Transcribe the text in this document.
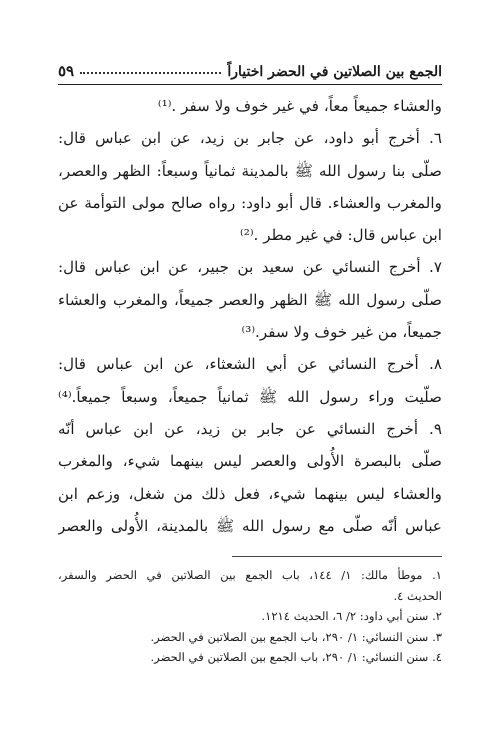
الجمع بين الصلاتين في الحضر اختياراً
٥٩
والعشاء جميعاً معاً، في غير خوف ولا سفر .⁽¹⁾
٦. أخرج أبو داود، عن جابر بن زيد، عن ابن عباس قال:
صلّى بنا رسول الله ﷺ بالمدينة ثمانياً وسبعاً: الظهر والعصر،
والمغرب والعشاء. قال أبو داود: رواه صالح مولى التوأمة عن
ابن عباس قال: في غير مطر .⁽²⁾
٧. أخرج النسائي عن سعيد بن جبير، عن ابن عباس قال:
صلّى رسول الله ﷺ الظهر والعصر جميعاً، والمغرب والعشاء
جميعاً، من غير خوف ولا سفر.⁽³⁾
٨. أخرج النسائي عن أبي الشعثاء، عن ابن عباس قال:
صلّيت وراء رسول الله ﷺ ثمانياً جميعاً، وسبعاً جميعاً.⁽⁴⁾
٩. أخرج النسائي عن جابر بن زيد، عن ابن عباس أنّه
صلّى بالبصرة الأُولى والعصر ليس بينهما شيء، والمغرب
والعشاء ليس بينهما شيء، فعل ذلك من شغل، وزعم ابن
عباس أنّه صلّى مع رسول الله ﷺ بالمدينة، الأُولى والعصر
١. موطأ مالك: ١/ ١٤٤، باب الجمع بين الصلاتين في الحضر والسفر،
الحديث ٤.
٢. سنن أبي داود: ٢/ ٦، الحديث ١٢١٤.
٣. سنن النسائي: ١/ ٢٩٠، باب الجمع بين الصلاتين في الحضر.
٤. سنن النسائي: ١/ ٢٩٠، باب الجمع بين الصلاتين في الحضر.
